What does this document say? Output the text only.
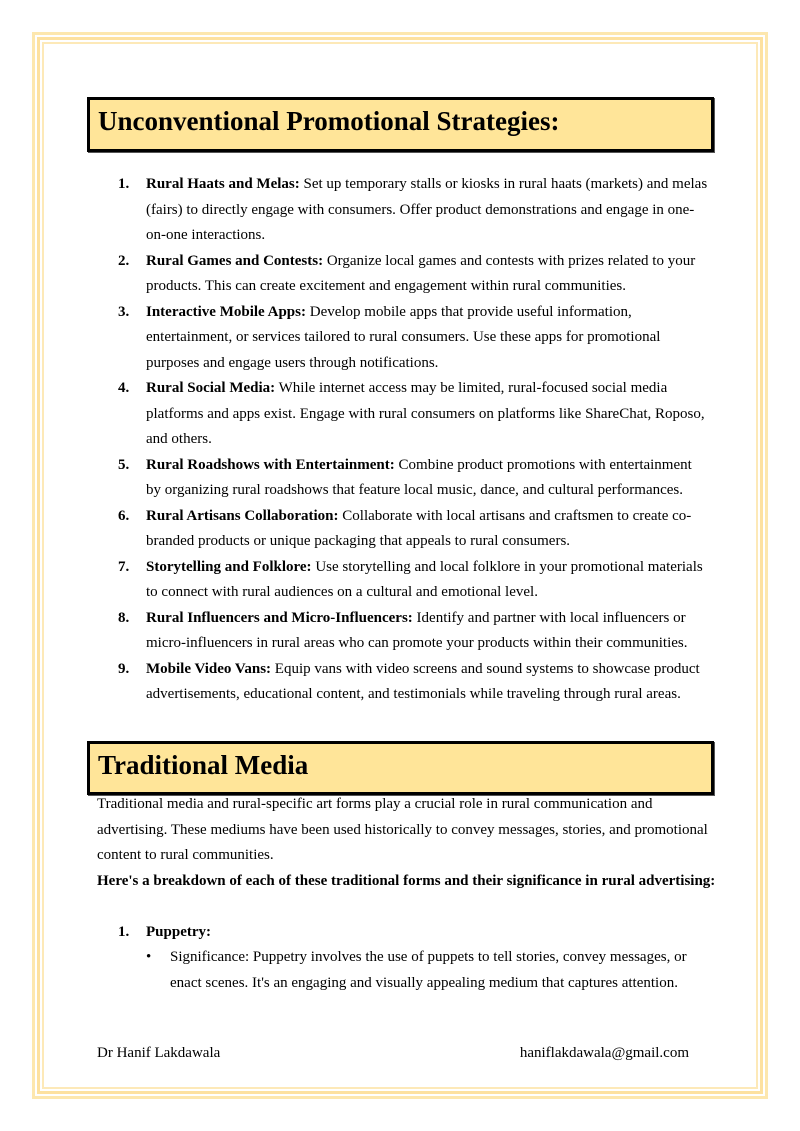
Unconventional Promotional Strategies:
1. Rural Haats and Melas: Set up temporary stalls or kiosks in rural haats (markets) and melas (fairs) to directly engage with consumers. Offer product demonstrations and engage in one-on-one interactions.
2. Rural Games and Contests: Organize local games and contests with prizes related to your products. This can create excitement and engagement within rural communities.
3. Interactive Mobile Apps: Develop mobile apps that provide useful information, entertainment, or services tailored to rural consumers. Use these apps for promotional purposes and engage users through notifications.
4. Rural Social Media: While internet access may be limited, rural-focused social media platforms and apps exist. Engage with rural consumers on platforms like ShareChat, Roposo, and others.
5. Rural Roadshows with Entertainment: Combine product promotions with entertainment by organizing rural roadshows that feature local music, dance, and cultural performances.
6. Rural Artisans Collaboration: Collaborate with local artisans and craftsmen to create co-branded products or unique packaging that appeals to rural consumers.
7. Storytelling and Folklore: Use storytelling and local folklore in your promotional materials to connect with rural audiences on a cultural and emotional level.
8. Rural Influencers and Micro-Influencers: Identify and partner with local influencers or micro-influencers in rural areas who can promote your products within their communities.
9. Mobile Video Vans: Equip vans with video screens and sound systems to showcase product advertisements, educational content, and testimonials while traveling through rural areas.
Traditional Media
Traditional media and rural-specific art forms play a crucial role in rural communication and advertising. These mediums have been used historically to convey messages, stories, and promotional content to rural communities.
Here's a breakdown of each of these traditional forms and their significance in rural advertising:
1. Puppetry:
•	Significance: Puppetry involves the use of puppets to tell stories, convey messages, or enact scenes. It's an engaging and visually appealing medium that captures attention.
Dr Hanif Lakdawala	haniflakdawala@gmail.com
